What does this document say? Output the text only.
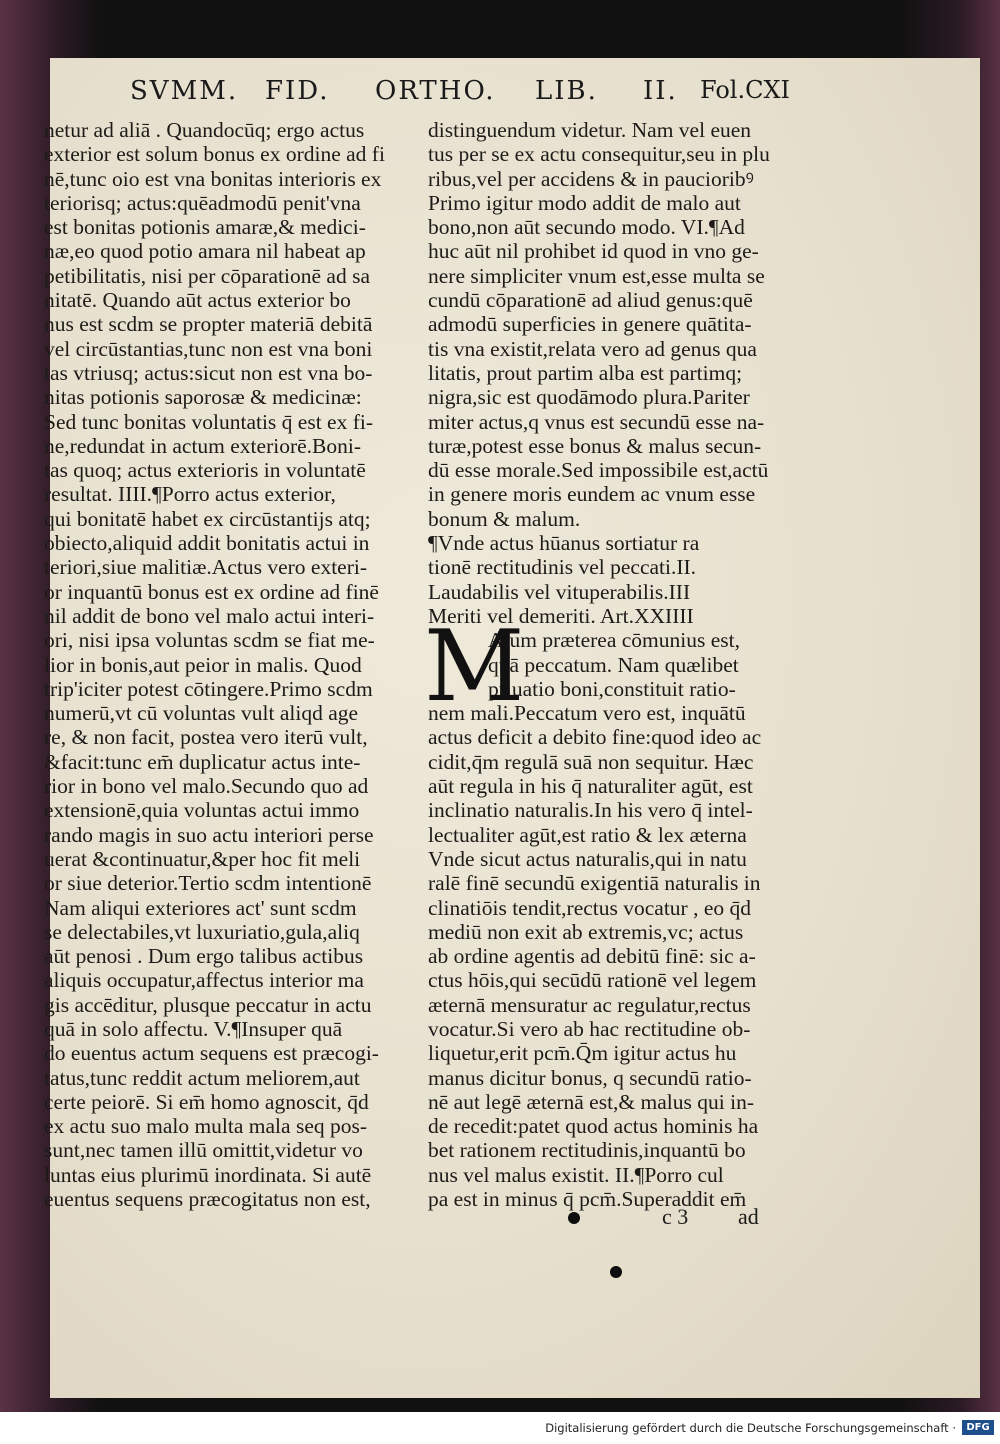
SVMM. FID. ORTHO. LIB. II. Fol.CXI
netur ad aliā . Quandocūq; ergo actus
exterior est solum bonus ex ordine ad fi
nē,tunc oio est vna bonitas interioris ex
teriorisq; actus:quēadmodū penit'vna
est bonitas potionis amaræ,& medici-
næ,eo quod potio amara nil habeat ap
petibilitatis, nisi per cōparationē ad sa
nitatē. Quando aūt actus exterior bo
nus est scdm se propter materiā debitā
vel circūstantias,tunc non est vna boni
tas vtriusq; actus:sicut non est vna bo-
nitas potionis saporosæ & medicinæ:
Sed tunc bonitas voluntatis q̄ est ex fi-
ne,redundat in actum exteriorē.Boni-
tas quoq; actus exterioris in voluntatē
resultat. IIII.¶Porro actus exterior,
qui bonitatē habet ex circūstantijs atq;
obiecto,aliquid addit bonitatis actui in
teriori,siue malitiæ.Actus vero exteri-
or inquantū bonus est ex ordine ad finē
nil addit de bono vel malo actui interi-
ori, nisi ipsa voluntas scdm se fiat me-
lior in bonis,aut peior in malis. Quod
trip'iciter potest cōtingere.Primo scdm
numerū,vt cū voluntas vult aliqd age
re, & non facit, postea vero iterū vult,
&facit:tunc em̄ duplicatur actus inte-
rior in bono vel malo.Secundo quo ad
extensionē,quia voluntas actui immo
rando magis in suo actu interiori perse
uerat &continuatur,&per hoc fit meli
or siue deterior.Tertio scdm intentionē
Nam aliqui exteriores act' sunt scdm
se delectabiles,vt luxuriatio,gula,aliq
aūt penosi . Dum ergo talibus actibus
aliquis occupatur,affectus interior ma
gis accēditur, plusque peccatur in actu
quā in solo affectu. V.¶Insuper quā
do euentus actum sequens est præcogi-
tatus,tunc reddit actum meliorem,aut
certe peiorē. Si em̄ homo agnoscit, q̄d
ex actu suo malo multa mala seq pos-
sunt,nec tamen illū omittit,videtur vo
luntas eius plurimū inordinata. Si autē
euentus sequens præcogitatus non est,
distinguendum videtur. Nam vel euen
tus per se ex actu consequitur,seu in plu
ribus,vel per accidens & in paucioribꝰ
Primo igitur modo addit de malo aut
bono,non aūt secundo modo. VI.¶Ad
huc aūt nil prohibet id quod in vno ge-
nere simpliciter vnum est,esse multa se
cundū cōparationē ad aliud genus:quē
admodū superficies in genere quātita-
tis vna existit,relata vero ad genus qua
litatis, prout partim alba est partimq;
nigra,sic est quodāmodo plura.Pariter
miter actus,q vnus est secundū esse na-
turæ,potest esse bonus & malus secun-
dū esse morale.Sed impossibile est,actū
in genere moris eundem ac vnum esse
bonum & malum.
¶Vnde actus hūanus sortiatur ra
tionē rectitudinis vel peccati.II.
Laudabilis vel vituperabilis.III
Meriti vel demeriti. Art.XXIIII
M
Alum præterea cōmunius est,
quā peccatum. Nam quælibet
priuatio boni,constituit ratio-
nem mali.Peccatum vero est, inquātū
actus deficit a debito fine:quod ideo ac
cidit,q̄m regulā suā non sequitur. Hæc
aūt regula in his q̄ naturaliter agūt, est
inclinatio naturalis.In his vero q̄ intel-
lectualiter agūt,est ratio & lex æterna
Vnde sicut actus naturalis,qui in natu
ralē finē secundū exigentiā naturalis in
clinatiōis tendit,rectus vocatur , eo q̄d
mediū non exit ab extremis,vc; actus
ab ordine agentis ad debitū finē: sic a-
ctus hōis,qui secūdū rationē vel legem
æternā mensuratur ac regulatur,rectus
vocatur.Si vero ab hac rectitudine ob-
liquetur,erit pcm̄.Q̄m igitur actus hu
manus dicitur bonus, q secundū ratio-
nē aut legē æternā est,& malus qui in-
de recedit:patet quod actus hominis ha
bet rationem rectitudinis,inquantū bo
nus vel malus existit. II.¶Porro cul
pa est in minus q̄ pcm̄.Superaddit em̄
c 3 ad
Digitalisierung gefördert durch die Deutsche Forschungsgemeinschaft ·	DFG
